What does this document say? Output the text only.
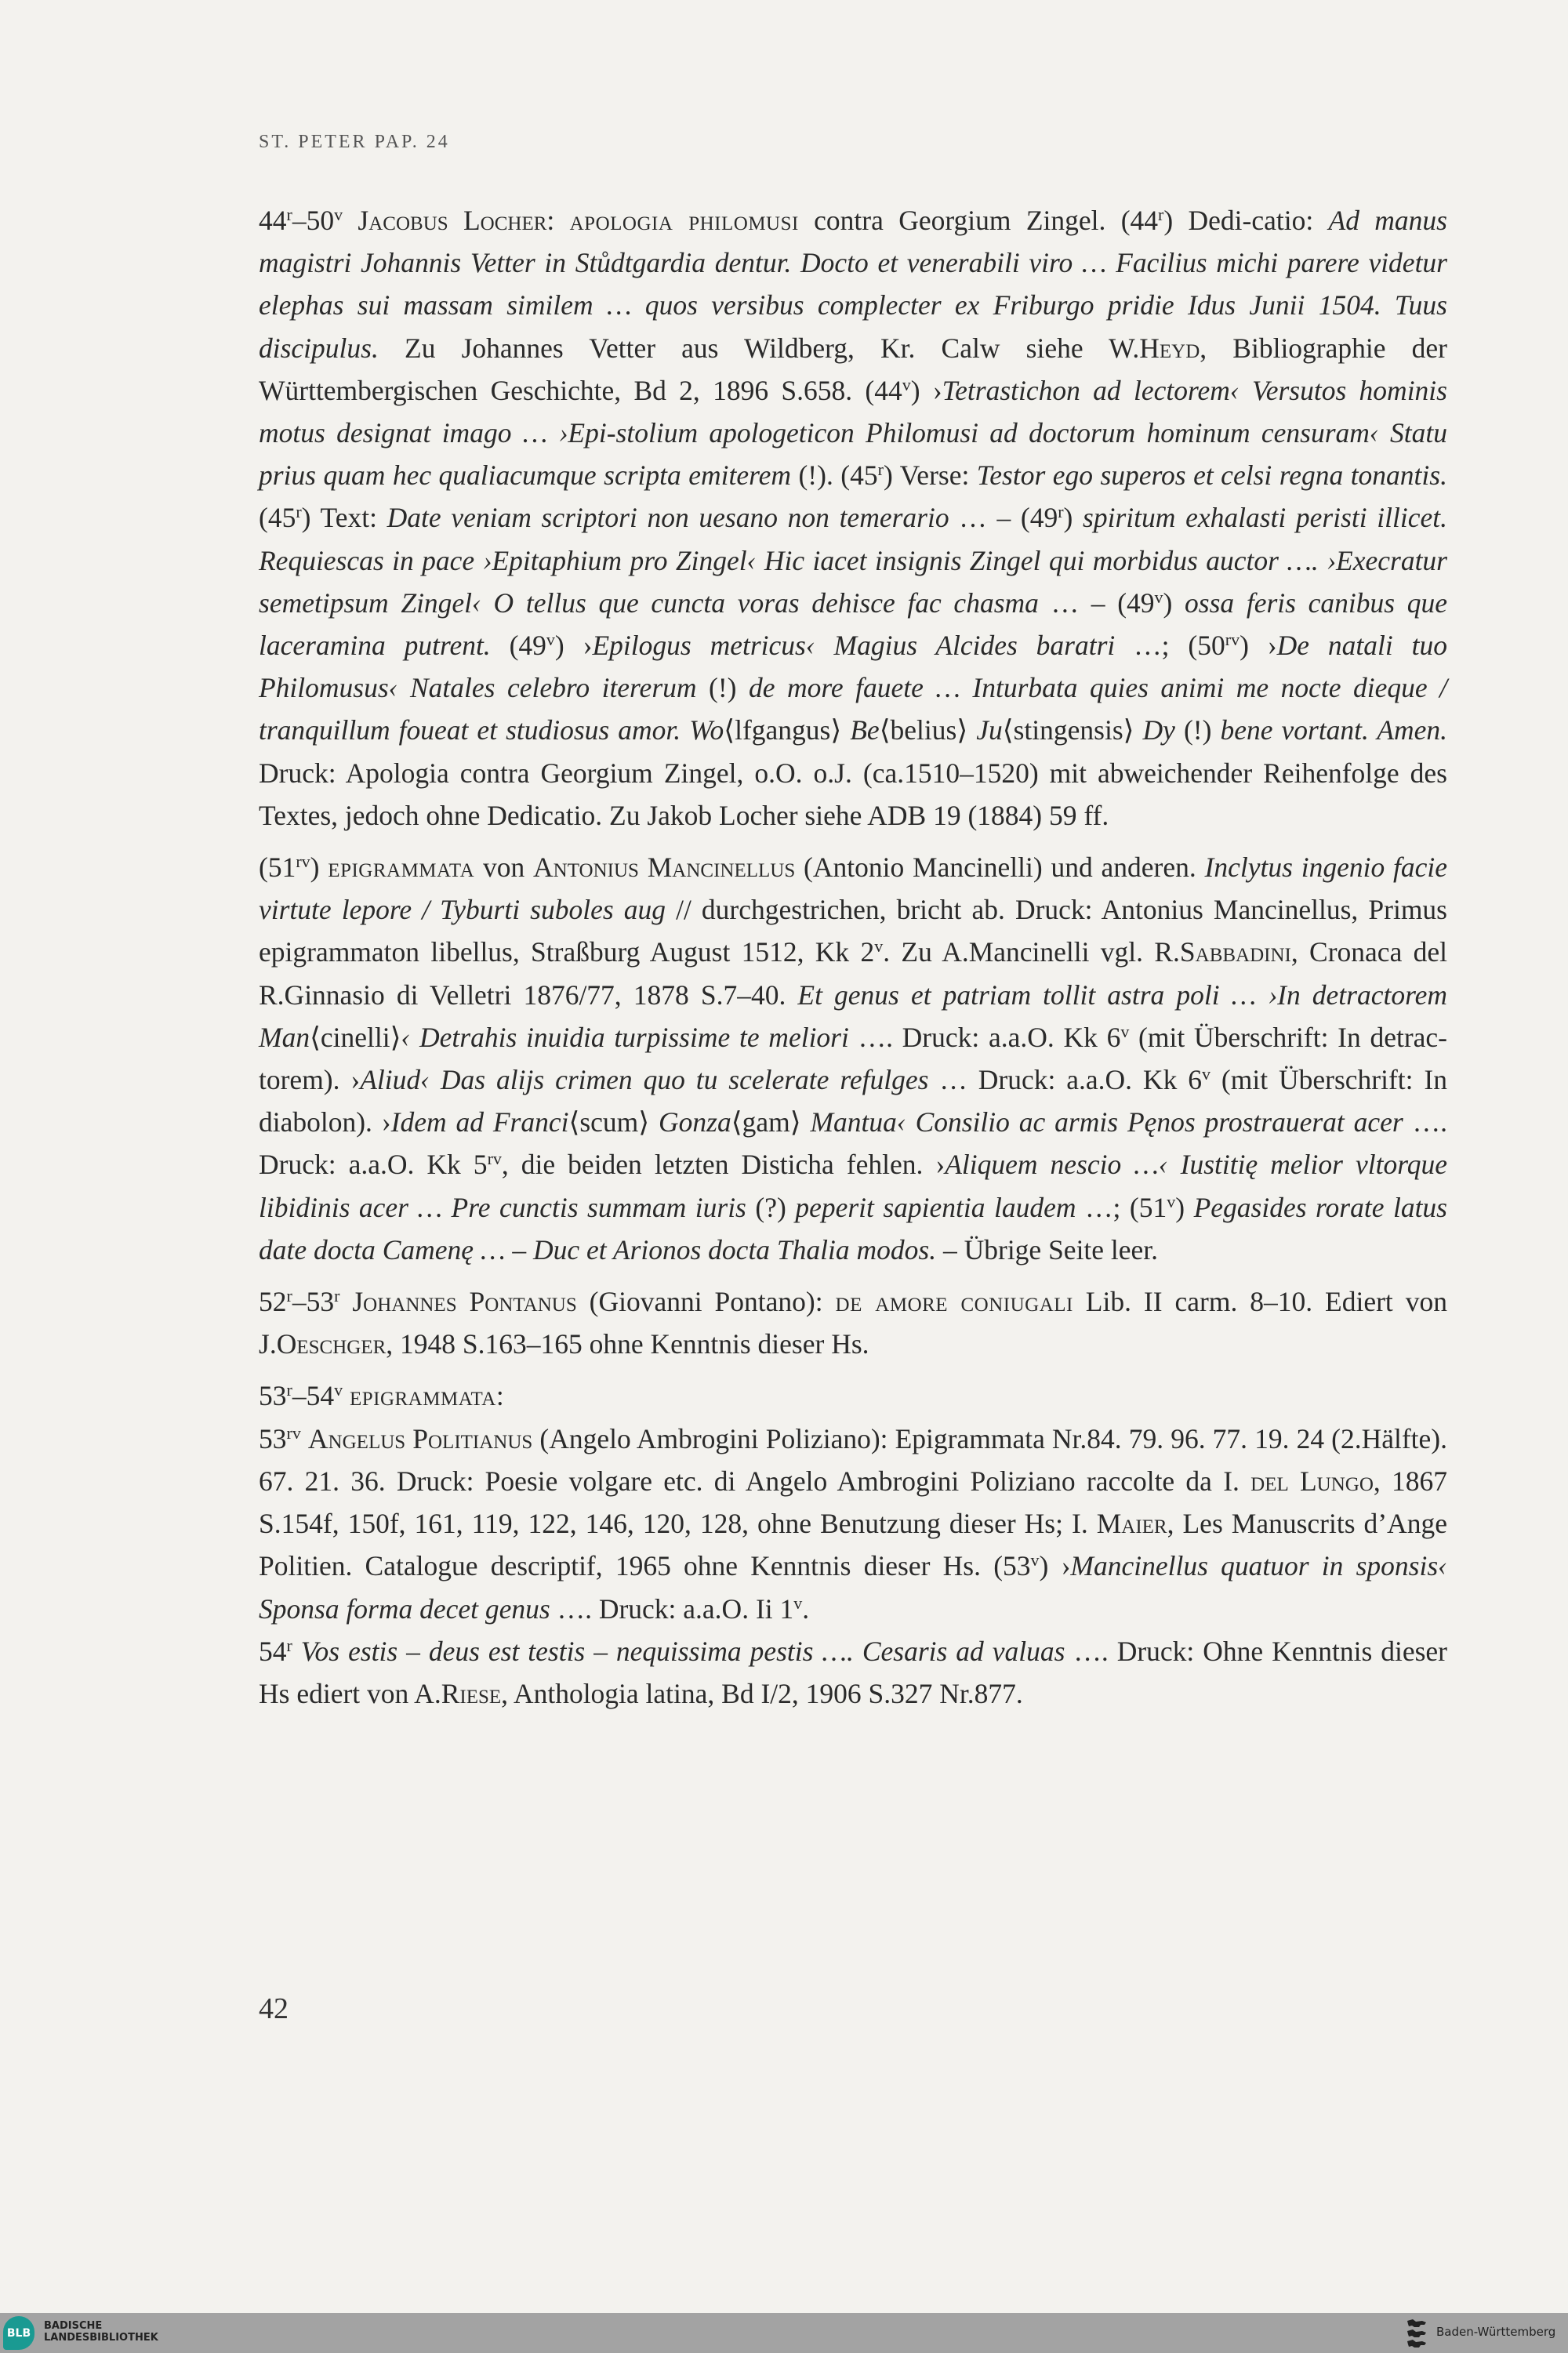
ST. PETER PAP. 24

44$^r$–50$^v$ Jacobus Locher: apologia philomusi contra Georgium Zingel. (44$^r$) Dedi-catio: Ad manus magistri Johannis Vetter in Stůdtgardia dentur. Docto et venerabili viro … Facilius michi parere videtur elephas sui massam similem … quos versibus complecter ex Friburgo pridie Idus Junii 1504. Tuus discipulus. Zu Johannes Vetter aus Wildberg, Kr. Calw siehe W.Heyd, Bibliographie der Württembergischen Geschichte, Bd 2, 1896 S.658. (44$^v$) ›Tetrastichon ad lectorem‹ Versutos hominis motus designat imago … ›Epi-stolium apologeticon Philomusi ad doctorum hominum censuram‹ Statu prius quam hec qualiacumque scripta emiterem (!). (45$^r$) Verse: Testor ego superos et celsi regna tonantis. (45$^r$) Text: Date veniam scriptori non uesano non temerario … – (49$^r$) spiritum exhalasti peristi illicet. Requiescas in pace ›Epitaphium pro Zingel‹ Hic iacet insignis Zingel qui morbidus auctor …. ›Execratur semetipsum Zingel‹ O tellus que cuncta voras dehisce fac chasma … – (49$^v$) ossa feris canibus que laceramina putrent. (49$^v$) ›Epilogus metricus‹ Magius Alcides baratri …; $(50^{rv})$ ›De natali tuo Philomusus‹ Natales celebro itererum (!) de more fauete … Inturbata quies animi me nocte dieque / tranquillum foueat et studiosus amor. Wo⟨lfgangus⟩ Be⟨belius⟩ Ju⟨stingensis⟩ Dy (!) bene vortant. Amen. Druck: Apologia contra Georgium Zingel, o.O. o.J. (ca.1510–1520) mit abweichender Reihenfolge des Textes, jedoch ohne Dedicatio. Zu Jakob Locher siehe ADB 19 (1884) 59 ff.

$(51^{rv})$ epigrammata von Antonius Mancinellus (Antonio Mancinelli) und anderen. Inclytus ingenio facie virtute lepore / Tyburti suboles aug // durchgestrichen, bricht ab. Druck: Antonius Mancinellus, Primus epigrammaton libellus, Straßburg August 1512, Kk 2$^v$. Zu A.Mancinelli vgl. R.Sabbadini, Cronaca del R.Ginnasio di Velletri 1876/77, 1878 S.7–40. Et genus et patriam tollit astra poli … ›In detractorem Man⟨cinelli⟩‹ Detrahis inuidia turpissime te meliori …. Druck: a.a.O. Kk 6$^v$ (mit Überschrift: In detrac-torem). ›Aliud‹ Das alijs crimen quo tu scelerate refulges … Druck: a.a.O. Kk 6$^v$ (mit Überschrift: In diabolon). ›Idem ad Franci⟨scum⟩ Gonza⟨gam⟩ Mantua‹ Consilio ac armis Pęnos prostrauerat acer …. Druck: a.a.O. Kk $5^{rv}$, die beiden letzten Disticha fehlen. ›Aliquem nescio …‹ Iustitię melior vltorque libidinis acer … Pre cunctis summam iuris (?) peperit sapientia laudem …; (51$^v$) Pegasides rorate latus date docta Camenę … – Duc et Arionos docta Thalia modos. – Übrige Seite leer.

52$^r$–53$^r$ Johannes Pontanus (Giovanni Pontano): de amore coniugali Lib. II carm. 8–10. Ediert von J.Oeschger, 1948 S.163–165 ohne Kenntnis dieser Hs.

53$^r$–54$^v$ epigrammata:

$53^{rv}$ Angelus Politianus (Angelo Ambrogini Poliziano): Epigrammata Nr.84. 79. 96. 77. 19. 24 (2.Hälfte). 67. 21. 36. Druck: Poesie volgare etc. di Angelo Ambrogini Poliziano raccolte da I. del Lungo, 1867 S.154f, 150f, 161, 119, 122, 146, 120, 128, ohne Benutzung dieser Hs; I. Maier, Les Manuscrits d’Ange Politien. Catalogue descriptif, 1965 ohne Kenntnis dieser Hs. (53$^v$) ›Mancinellus quatuor in sponsis‹ Sponsa forma decet genus …. Druck: a.a.O. Ii 1$^v$.

54$^r$ Vos estis – deus est testis – nequissima pestis …. Cesaris ad valuas …. Druck: Ohne Kenntnis dieser Hs ediert von A.Riese, Anthologia latina, Bd I/2, 1906 S.327 Nr.877.

42
BLB
BADISCHE
LANDESBIBLIOTHEK	Baden-Württemberg
